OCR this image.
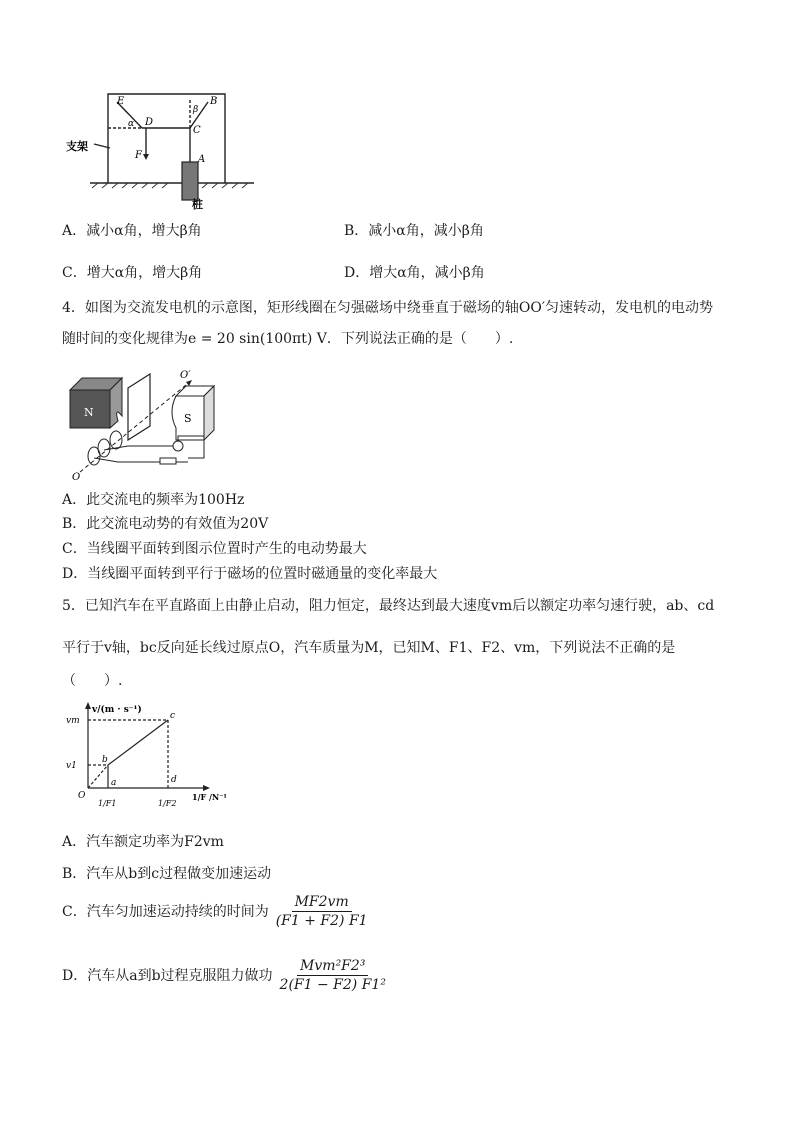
E
D
C
B
A
α
β
F
支架
桩
A．减小α角，增大β角	B．减小α角，减小β角
C．增大α角，增大β角	D．增大α角，减小β角
4．如图为交流发电机的示意图，矩形线圈在匀强磁场中绕垂直于磁场的轴OO′匀速转动，发电机的电动势
随时间的变化规律为e = 20 sin(100πt) V．下列说法正确的是（　　）.
N	S
O
O′
A．此交流电的频率为100Hz
B．此交流电动势的有效值为20V
C．当线圈平面转到图示位置时产生的电动势最大
D．当线圈平面转到平行于磁场的位置时磁通量的变化率最大
5．已知汽车在平直路面上由静止启动，阻力恒定，最终达到最大速度vm后以额定功率匀速行驶，ab、cd
平行于v轴，bc反向延长线过原点O，汽车质量为M，已知M、F1、F2、vm，下列说法不正确的是
（　　）.
v/(m · s⁻¹)
1/F /N⁻¹
vm
v1
O
a
b
c
d
1/F1	1/F2
A．汽车额定功率为F2vm
B．汽车从b到c过程做变加速运动
C．汽车匀加速运动持续的时间为 $\frac{MF2vm}{(F1 + F2) F1}$
D．汽车从a到b过程克服阻力做功 $\frac{\text{Mvm²F2³}}{\text{2(F1 − F2) F1²}}$
